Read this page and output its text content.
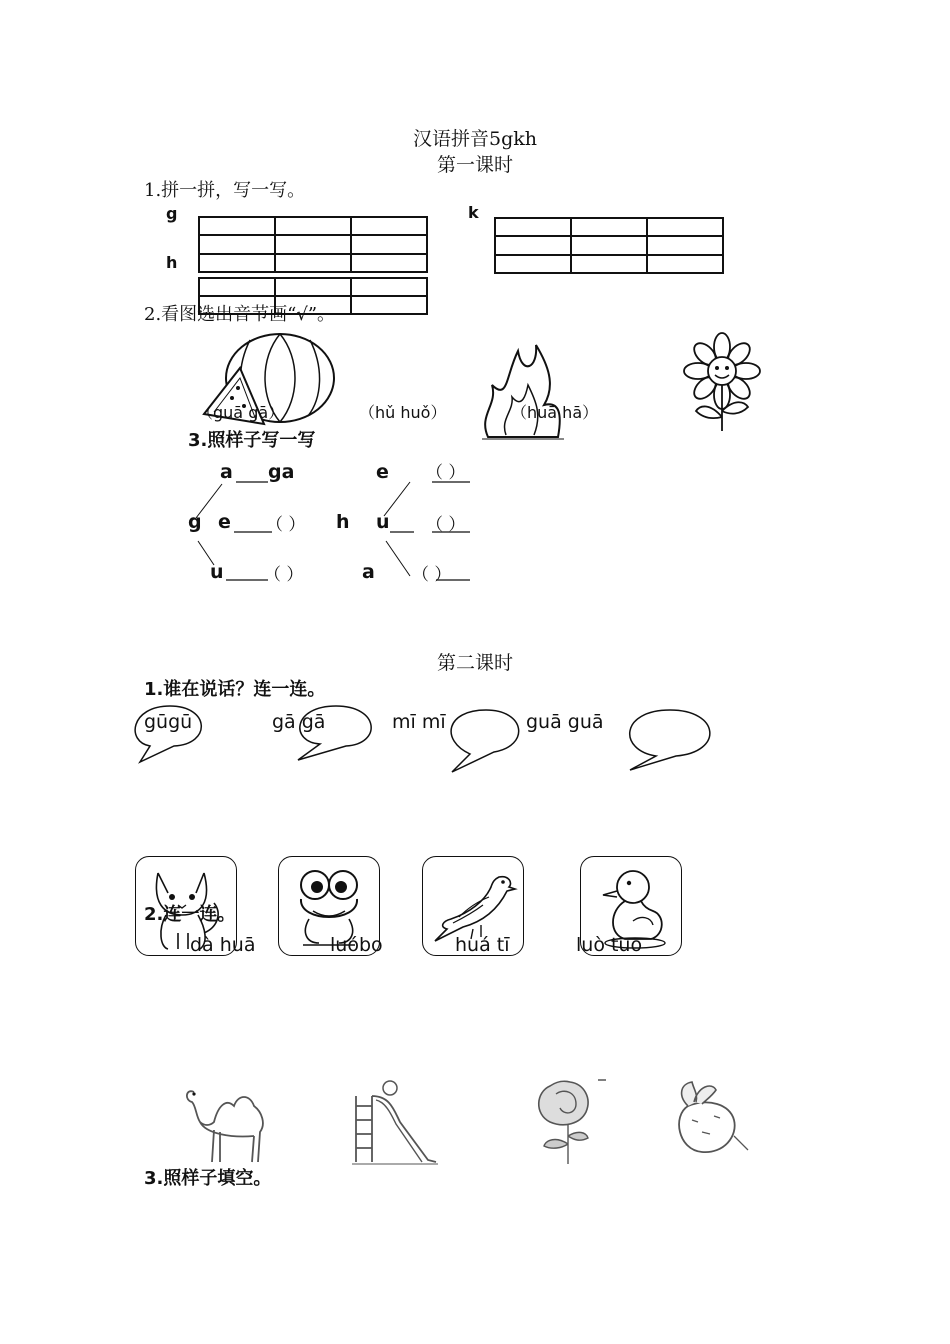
汉语拼音5gkh
第一课时
1.拼一拼，写一写。
g
h
k

2.看图选出音节画“√”。
（guā gā）	（hǔ huǒ）	（huā hā）
3.照样子写一写
a ga	e （ ）
g e （ ） h u （ ）
u （ ）	a （ ）
第二课时
1.谁在说话？连一连。
gūgū	gā gā	mī mī	guā guā
2.连一连。
dà huā	luóbo	huá tī	luò tuo
3.照样子填空。
